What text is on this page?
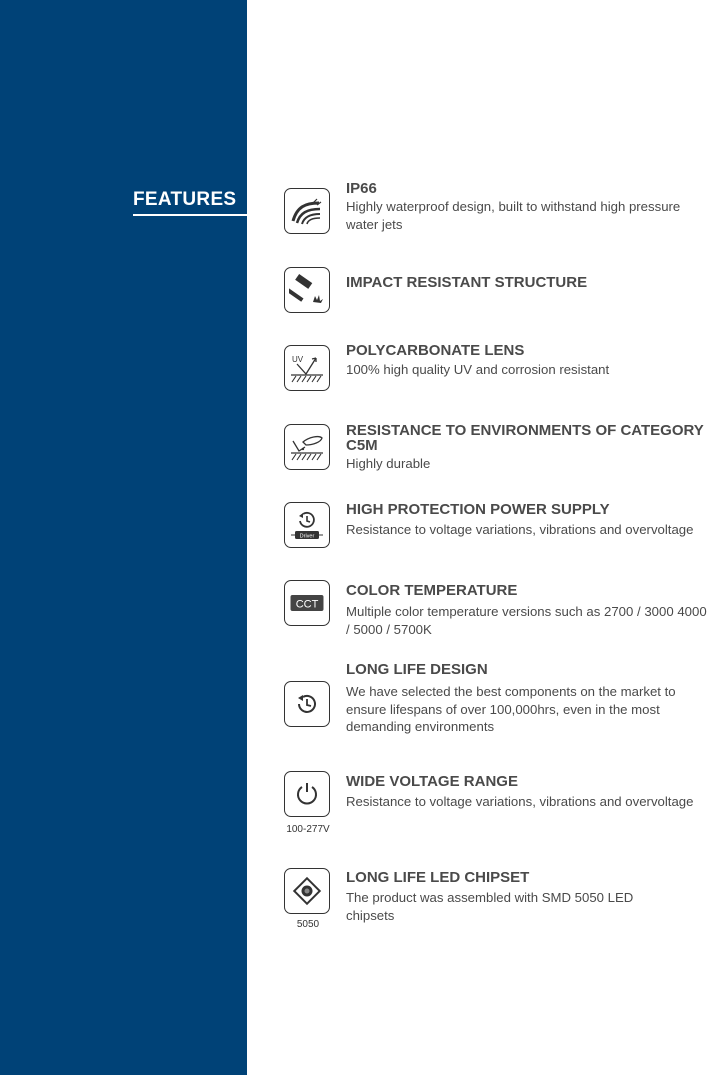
FEATURES
IP66
Highly waterproof design, built to withstand high pressure water jets
IMPACT RESISTANT STRUCTURE
UV
POLYCARBONATE LENS
100% high quality UV and corrosion resistant
RESISTANCE TO ENVIRONMENTS OF CATEGORY C5M
Highly durable
Driver
HIGH PROTECTION POWER SUPPLY
Resistance to voltage variations, vibrations and overvoltage
CCT
COLOR TEMPERATURE
Multiple color temperature versions such as 2700 / 3000 4000 / 5000 / 5700K
LONG LIFE DESIGN
We have selected the best components on the market to ensure lifespans of over 100,000hrs, even in the most demanding environments
100-277V
WIDE VOLTAGE RANGE
Resistance to voltage variations, vibrations and overvoltage
5050
LONG LIFE LED CHIPSET
The product was assembled with SMD 5050 LED chipsets
